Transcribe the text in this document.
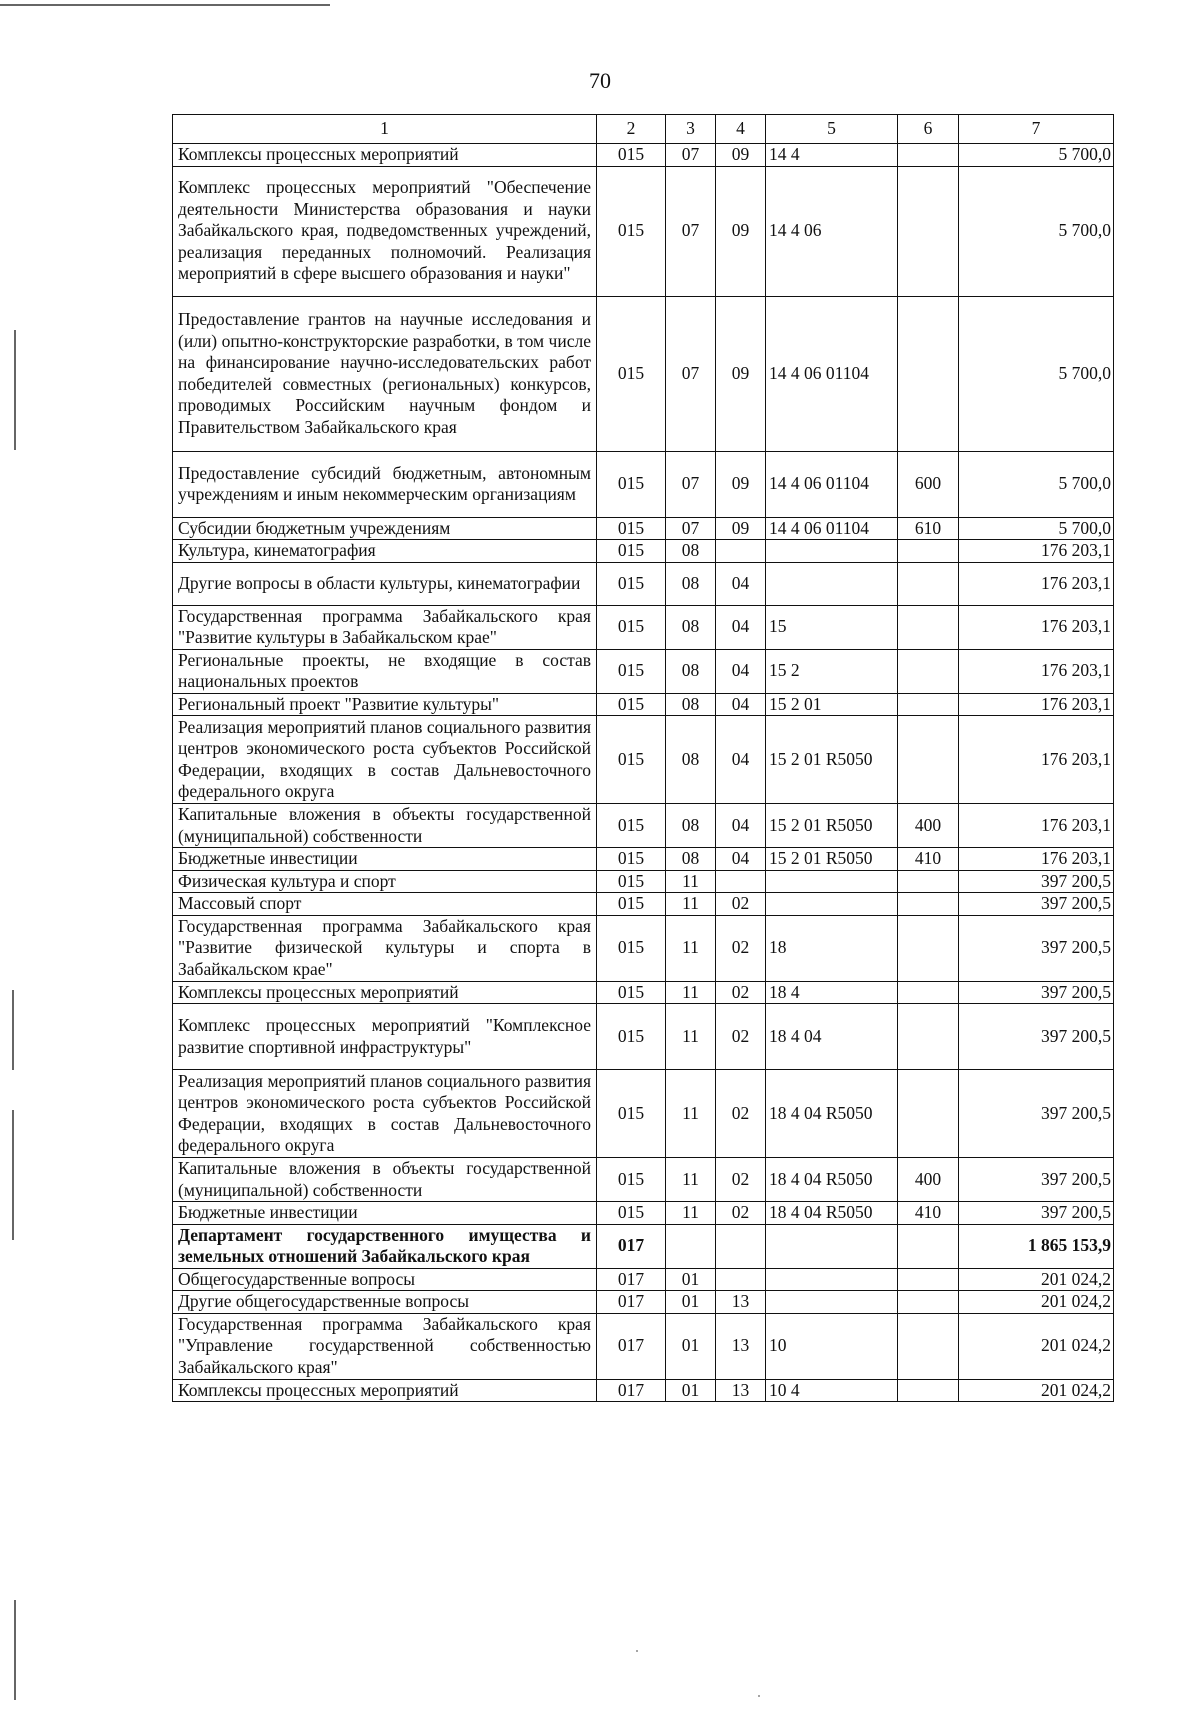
70
1	2	3	4	5	6	7
Комплексы процессных мероприятий	015	07	09	14 4		5 700,0
Комплекс процессных мероприятий "Обеспечение деятельности Министерства образования и науки Забайкальского края, подведомственных учреждений, реализация переданных полномочий. Реализация мероприятий в сфере высшего образования и науки"	015	07	09	14 4 06		5 700,0
Предоставление грантов на научные исследования и (или) опытно-конструкторские разработки, в том числе на финансирование научно-исследовательских работ победителей совместных (региональных) конкурсов, проводимых Российским научным фондом и Правительством Забайкальского края	015	07	09	14 4 06 01104		5 700,0
Предоставление субсидий бюджетным, автономным учреждениям и иным некоммерческим организациям	015	07	09	14 4 06 01104	600	5 700,0
Субсидии бюджетным учреждениям	015	07	09	14 4 06 01104	610	5 700,0
Культура, кинематография	015	08				176 203,1
Другие вопросы в области культуры, кинематографии	015	08	04			176 203,1
Государственная программа Забайкальского края "Развитие культуры в Забайкальском крае"	015	08	04	15		176 203,1
Региональные проекты, не входящие в состав национальных проектов	015	08	04	15 2		176 203,1
Региональный проект "Развитие культуры"	015	08	04	15 2 01		176 203,1
Реализация мероприятий планов социального развития центров экономического роста субъектов Российской Федерации, входящих в состав Дальневосточного федерального округа	015	08	04	15 2 01 R5050		176 203,1
Капитальные вложения в объекты государственной (муниципальной) собственности	015	08	04	15 2 01 R5050	400	176 203,1
Бюджетные инвестиции	015	08	04	15 2 01 R5050	410	176 203,1
Физическая культура и спорт	015	11				397 200,5
Массовый спорт	015	11	02			397 200,5
Государственная программа Забайкальского края "Развитие физической культуры и спорта в Забайкальском крае"	015	11	02	18		397 200,5
Комплексы процессных мероприятий	015	11	02	18 4		397 200,5
Комплекс процессных мероприятий "Комплексное развитие спортивной инфраструктуры"	015	11	02	18 4 04		397 200,5
Реализация мероприятий планов социального развития центров экономического роста субъектов Российской Федерации, входящих в состав Дальневосточного федерального округа	015	11	02	18 4 04 R5050		397 200,5
Капитальные вложения в объекты государственной (муниципальной) собственности	015	11	02	18 4 04 R5050	400	397 200,5
Бюджетные инвестиции	015	11	02	18 4 04 R5050	410	397 200,5
Департамент государственного имущества и земельных отношений Забайкальского края	017					1 865 153,9
Общегосударственные вопросы	017	01				201 024,2
Другие общегосударственные вопросы	017	01	13			201 024,2
Государственная программа Забайкальского края "Управление государственной собственностью Забайкальского края"	017	01	13	10		201 024,2
Комплексы процессных мероприятий	017	01	13	10 4		201 024,2
